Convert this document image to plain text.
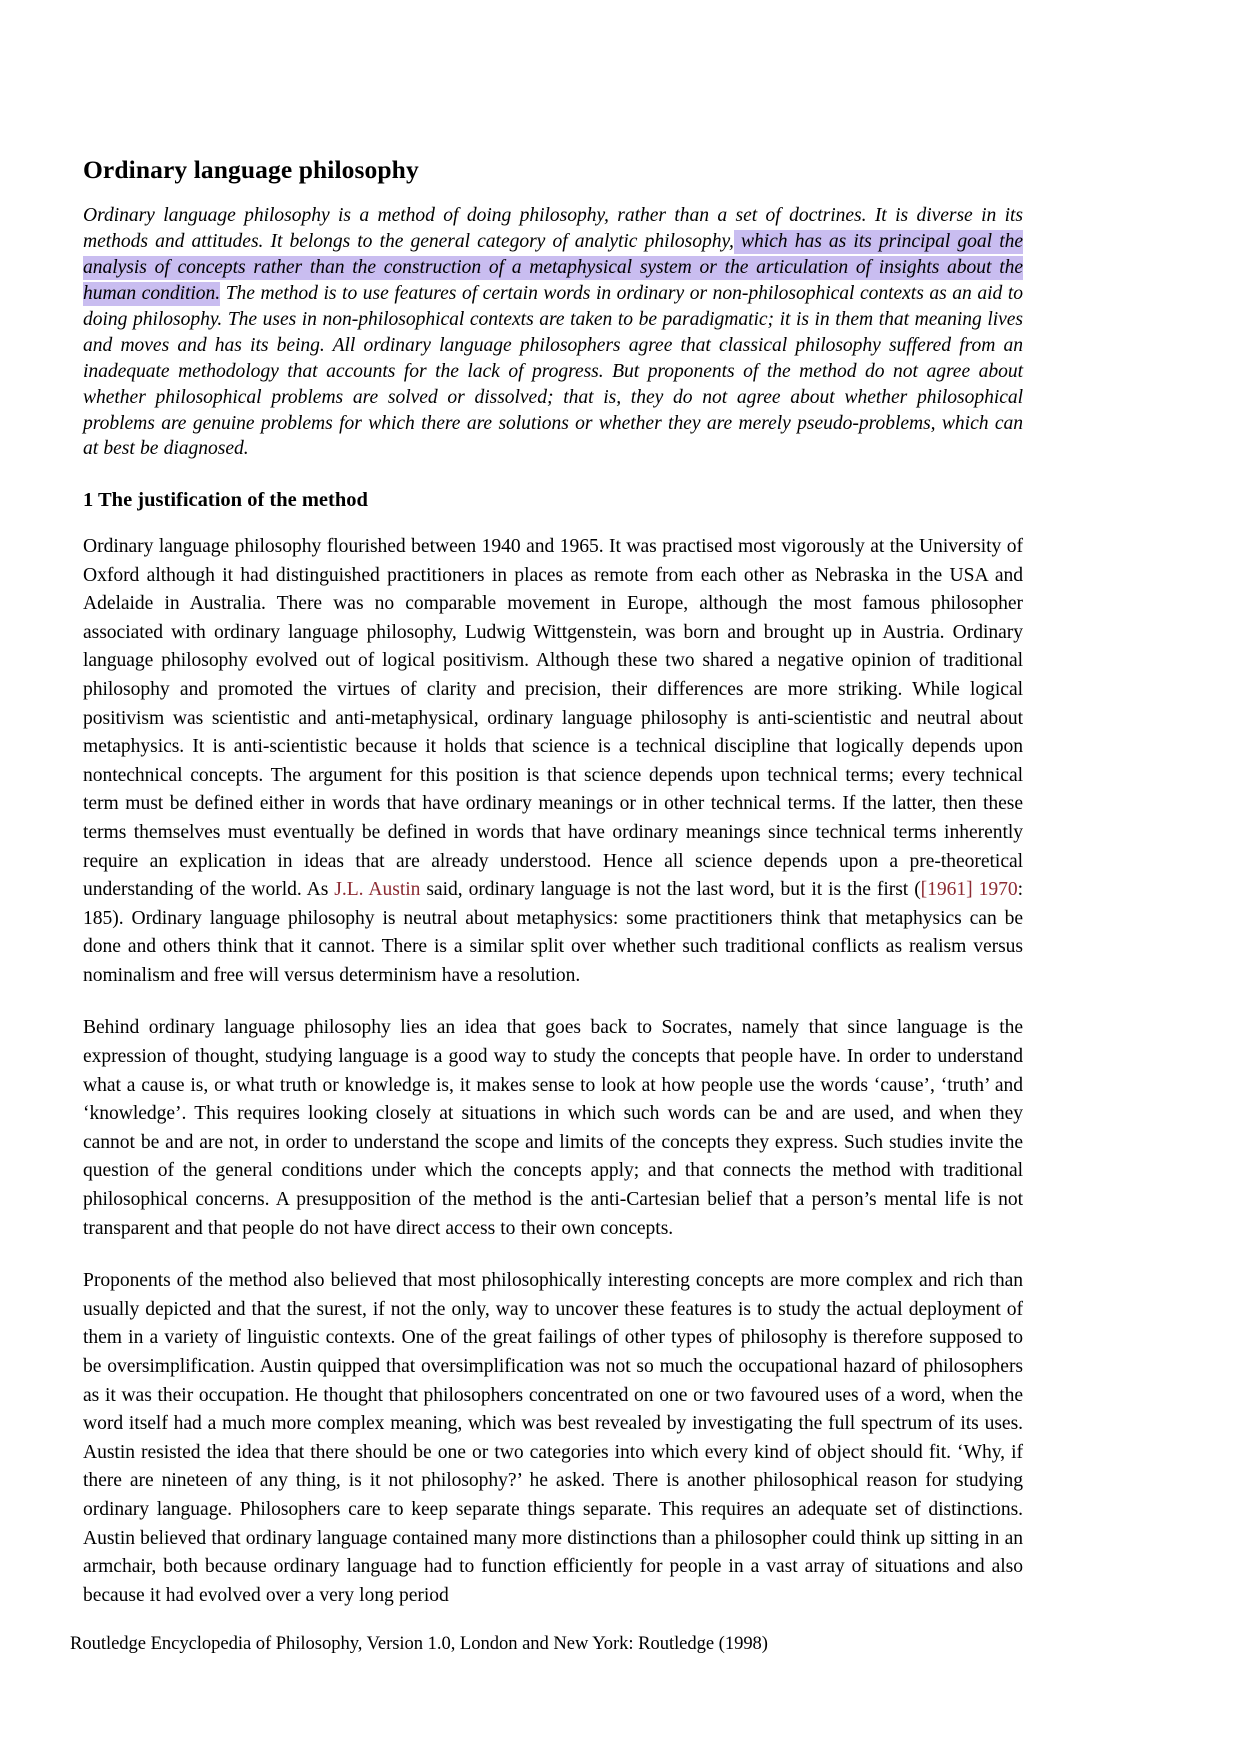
Ordinary language philosophy

Ordinary language philosophy is a method of doing philosophy, rather than a set of doctrines. It is diverse in its methods and attitudes. It belongs to the general category of analytic philosophy, which has as its principal goal the analysis of concepts rather than the construction of a metaphysical system or the articulation of insights about the human condition. The method is to use features of certain words in ordinary or non-philosophical contexts as an aid to doing philosophy. The uses in non-philosophical contexts are taken to be paradigmatic; it is in them that meaning lives and moves and has its being. All ordinary language philosophers agree that classical philosophy suffered from an inadequate methodology that accounts for the lack of progress. But proponents of the method do not agree about whether philosophical problems are solved or dissolved; that is, they do not agree about whether philosophical problems are genuine problems for which there are solutions or whether they are merely pseudo-problems, which can at best be diagnosed.

1 The justification of the method

Ordinary language philosophy flourished between 1940 and 1965. It was practised most vigorously at the University of Oxford although it had distinguished practitioners in places as remote from each other as Nebraska in the USA and Adelaide in Australia. There was no comparable movement in Europe, although the most famous philosopher associated with ordinary language philosophy, Ludwig Wittgenstein, was born and brought up in Austria. Ordinary language philosophy evolved out of logical positivism. Although these two shared a negative opinion of traditional philosophy and promoted the virtues of clarity and precision, their differences are more striking. While logical positivism was scientistic and anti-metaphysical, ordinary language philosophy is anti-scientistic and neutral about metaphysics. It is anti-scientistic because it holds that science is a technical discipline that logically depends upon nontechnical concepts. The argument for this position is that science depends upon technical terms; every technical term must be defined either in words that have ordinary meanings or in other technical terms. If the latter, then these terms themselves must eventually be defined in words that have ordinary meanings since technical terms inherently require an explication in ideas that are already understood. Hence all science depends upon a pre-theoretical understanding of the world. As J.L. Austin said, ordinary language is not the last word, but it is the first ([1961] 1970: 185). Ordinary language philosophy is neutral about metaphysics: some practitioners think that metaphysics can be done and others think that it cannot. There is a similar split over whether such traditional conflicts as realism versus nominalism and free will versus determinism have a resolution.

Behind ordinary language philosophy lies an idea that goes back to Socrates, namely that since language is the expression of thought, studying language is a good way to study the concepts that people have. In order to understand what a cause is, or what truth or knowledge is, it makes sense to look at how people use the words ‘cause’, ‘truth’ and ‘knowledge’. This requires looking closely at situations in which such words can be and are used, and when they cannot be and are not, in order to understand the scope and limits of the concepts they express. Such studies invite the question of the general conditions under which the concepts apply; and that connects the method with traditional philosophical concerns. A presupposition of the method is the anti-Cartesian belief that a person’s mental life is not transparent and that people do not have direct access to their own concepts.

Proponents of the method also believed that most philosophically interesting concepts are more complex and rich than usually depicted and that the surest, if not the only, way to uncover these features is to study the actual deployment of them in a variety of linguistic contexts. One of the great failings of other types of philosophy is therefore supposed to be oversimplification. Austin quipped that oversimplification was not so much the occupational hazard of philosophers as it was their occupation. He thought that philosophers concentrated on one or two favoured uses of a word, when the word itself had a much more complex meaning, which was best revealed by investigating the full spectrum of its uses. Austin resisted the idea that there should be one or two categories into which every kind of object should fit. ‘Why, if there are nineteen of any thing, is it not philosophy?’ he asked. There is another philosophical reason for studying ordinary language. Philosophers care to keep separate things separate. This requires an adequate set of distinctions. Austin believed that ordinary language contained many more distinctions than a philosopher could think up sitting in an armchair, both because ordinary language had to function efficiently for people in a vast array of situations and also because it had evolved over a very long period

Routledge Encyclopedia of Philosophy, Version 1.0, London and New York: Routledge (1998)
